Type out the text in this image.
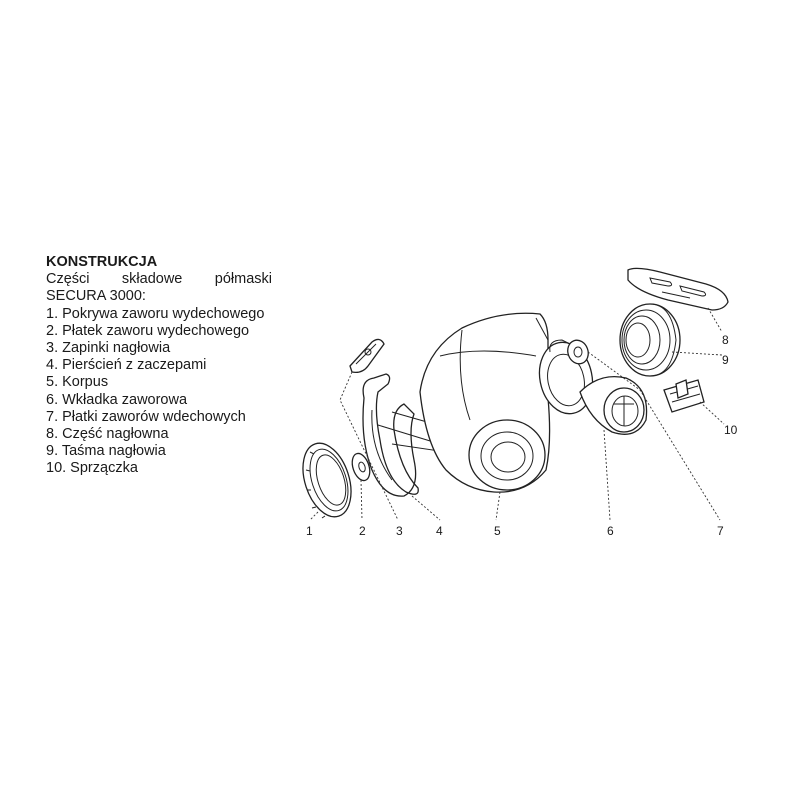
KONSTRUKCJA

Części składowe półmaski

SECURA 3000:

1. Pokrywa zaworu wydechowego
2. Płatek zaworu wydechowego
3. Zapinki nagłowia
4. Pierścień z zaczepami
5. Korpus
6. Wkładka zaworowa
7. Płatki zaworów wdechowych
8. Część nagłowna
9. Taśma nagłowia
10. Sprzączka
1	2	3	4	5	6	7
8
9
10
